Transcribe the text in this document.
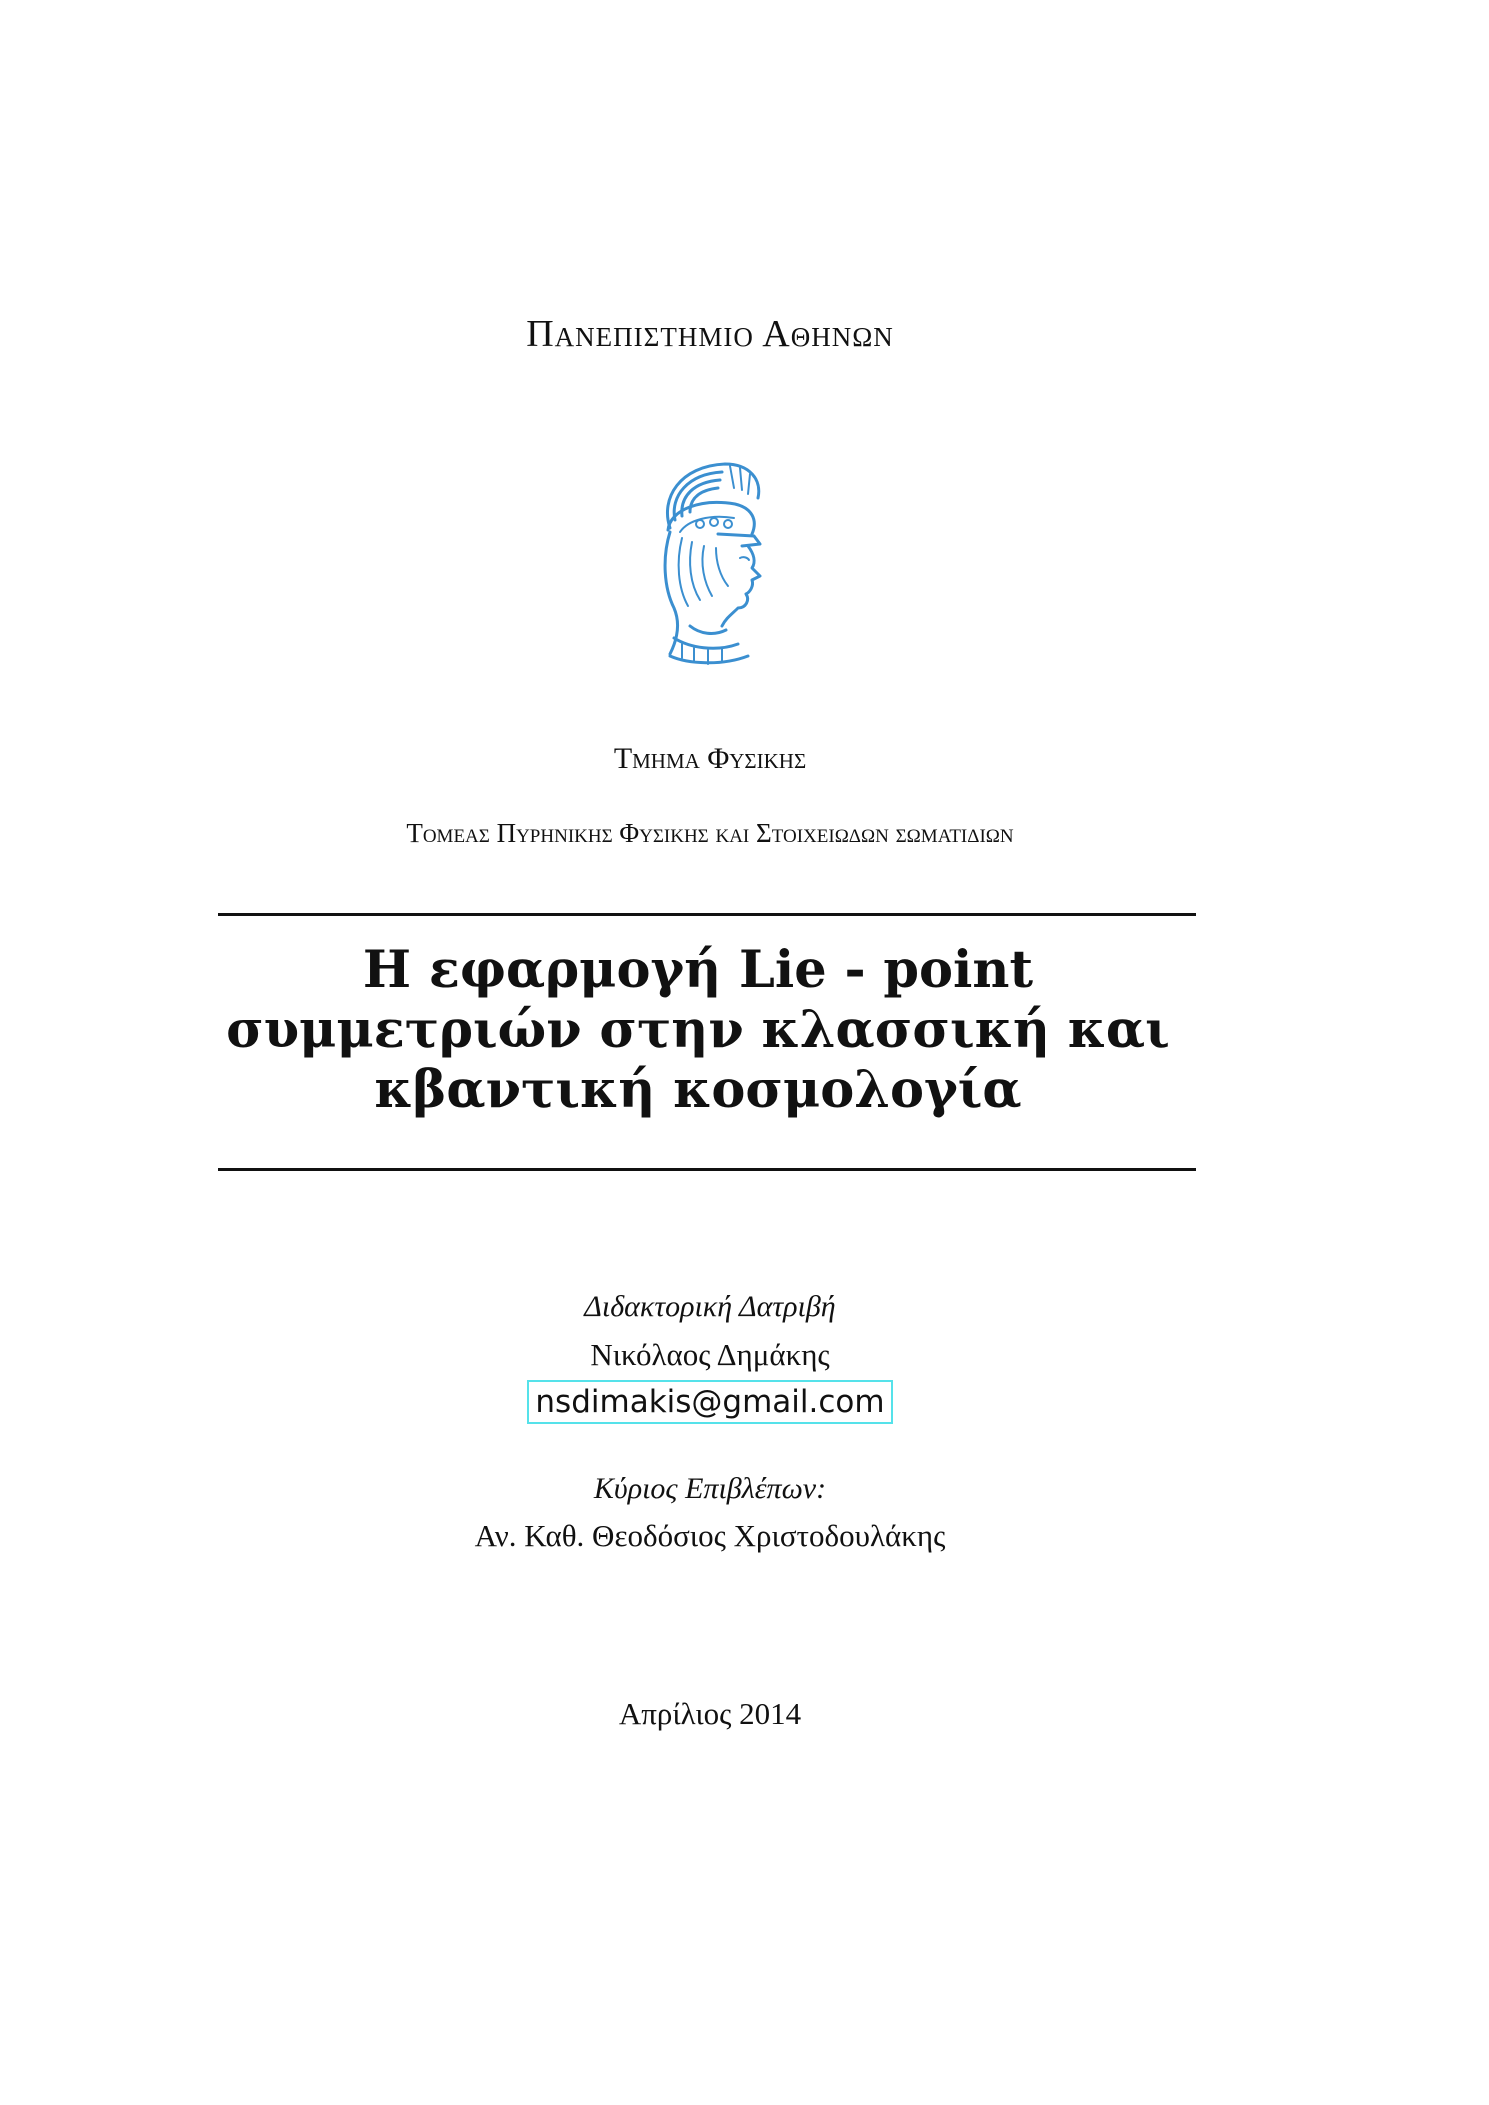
Πανεπιστημιο Αθηνων
Τμημα Φυσικης
Τομεας Πυρηνικης Φυσικης και Στοιχειωδων σωματιδιων
Η εφαρμογή Lie - point
συμμετριών στην κλασσική και
κβαντική κοσμολογία
Διδακτορική Δατριβή
Νικόλαος Δημάκης
nsdimakis@gmail.com
Κύριος Επιβλέπων:
Αν. Καθ. Θεοδόσιος Χριστοδουλάκης
Απρίλιος 2014
